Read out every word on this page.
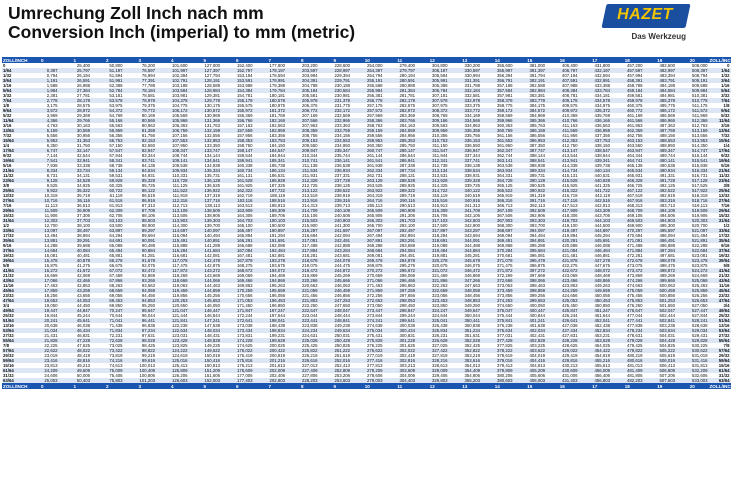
Umrechung Zoll Inch nach mm
Conversion Inch (imperial) to mm (metric)
HAZET
Das Werkzeug
ZOLL/INCH	0	1	2	3	4	5	6	7	8	9	10	11	12	13	14	15	16	17	18	19	20	ZOLL/INCH
0		25,400	50,800	76,200	101,600	127,000	152,400	177,800	203,200	228,600	254,000	279,400	304,800	330,200	355,600	381,000	406,400	431,800	457,200	482,600	508,000	0
1/64	0,397	25,797	51,197	76,597	101,997	127,397	152,797	178,197	203,597	228,997	254,397	279,797	305,197	330,597	355,997	381,397	406,797	432,197	457,597	482,997	508,397	1/64
1/32	0,794	26,194	51,594	76,994	102,394	127,794	153,194	178,594	203,994	229,394	254,794	280,194	305,594	330,994	356,394	381,794	407,194	432,594	457,994	483,394	508,794	1/32
3/64	1,191	26,591	51,991	77,391	102,791	128,191	153,591	178,991	204,391	229,791	255,191	280,591	305,991	331,391	356,791	382,191	407,591	432,991	458,391	483,791	509,191	3/64
1/16	1,588	26,988	52,388	77,788	103,188	128,588	153,988	179,388	204,788	230,188	255,588	280,988	306,388	331,788	357,188	382,588	407,988	433,388	458,788	484,188	509,588	1/16
5/64	1,984	27,384	52,784	78,184	103,584	128,984	154,384	179,784	205,184	230,584	255,984	281,384	306,784	332,184	357,584	382,984	408,384	433,784	459,184	484,584	509,984	5/64
3/32	2,381	27,781	53,181	78,581	103,981	129,381	154,781	180,181	205,581	230,981	256,381	281,781	307,181	332,581	357,981	383,381	408,781	434,181	459,581	484,981	510,381	3/32
7/64	2,778	28,178	53,578	78,978	104,378	129,778	155,178	180,578	205,978	231,378	256,778	282,178	307,578	332,978	358,378	383,778	409,178	434,578	459,978	485,378	510,778	7/64
1/8	3,175	28,575	53,975	79,375	104,775	130,175	155,575	180,975	206,375	231,775	257,175	282,575	307,975	333,375	358,775	384,175	409,575	434,975	460,375	485,775	511,175	1/8
9/64	3,572	28,972	54,372	79,772	105,172	130,572	155,972	181,372	206,772	232,172	257,572	282,972	308,372	333,772	359,172	384,572	409,972	435,372	460,772	486,172	511,572	9/64
5/32	3,969	29,369	54,769	80,169	105,569	130,969	156,369	181,769	207,169	232,569	257,969	283,369	308,769	334,169	359,569	384,969	410,369	435,769	461,169	486,569	511,969	5/32
11/64	4,366	29,766	55,166	80,566	105,966	131,366	156,766	182,166	207,566	232,966	258,366	283,766	309,166	334,566	359,966	385,366	410,766	436,166	461,566	486,966	512,366	11/64
3/16	4,763	30,163	55,563	80,963	106,363	131,763	157,163	182,563	207,963	233,363	258,763	284,163	309,563	334,963	360,363	385,763	411,163	436,563	461,963	487,363	512,763	3/16
13/64	5,159	30,559	55,959	81,359	106,759	132,159	157,559	182,959	208,359	233,759	259,159	284,559	309,959	335,359	360,759	386,159	411,559	436,959	462,359	487,759	513,159	13/64
7/32	5,556	30,956	56,356	81,756	107,156	132,556	157,956	183,356	208,756	234,156	259,556	284,956	310,356	335,756	361,156	386,556	411,956	437,356	462,756	488,156	513,556	7/32
15/64	5,953	31,353	56,753	82,153	107,553	132,953	158,353	183,753	209,153	234,553	259,953	285,353	310,753	336,153	361,553	386,953	412,353	437,753	463,153	488,553	513,953	15/64
1/4	6,350	31,750	57,150	82,550	107,950	133,350	158,750	184,150	209,550	234,950	260,350	285,750	311,150	336,550	361,950	387,350	412,750	438,150	463,550	488,950	514,350	1/4
17/64	6,747	32,147	57,547	82,947	108,347	133,747	159,147	184,547	209,947	235,347	260,747	286,147	311,547	336,947	362,347	387,747	413,147	438,547	463,947	489,347	514,747	17/64
9/32	7,144	32,544	57,944	83,344	108,744	134,144	159,544	184,944	210,344	235,744	261,144	286,544	311,944	337,344	362,744	388,144	413,544	438,944	464,344	489,744	515,144	9/32
19/64	7,541	32,941	58,341	83,741	109,141	134,541	159,941	185,341	210,741	236,141	261,541	286,941	312,341	337,741	363,141	388,541	413,941	439,341	464,741	490,141	515,541	19/64
5/16	7,938	33,338	58,738	84,138	109,538	134,938	160,338	185,738	211,138	236,538	261,938	287,338	312,738	338,138	363,538	388,938	414,338	439,738	465,138	490,538	515,938	5/16
21/64	8,334	33,734	59,134	84,534	109,934	135,334	160,734	186,134	211,534	236,934	262,334	287,734	313,134	338,534	363,934	389,334	414,734	440,134	465,534	490,934	516,334	21/64
11/32	8,731	34,131	59,531	84,931	110,331	135,731	161,131	186,531	211,931	237,331	262,731	288,131	313,531	338,931	364,331	389,731	415,131	440,531	465,931	491,331	516,731	11/32
23/64	9,128	34,528	59,928	85,328	110,728	136,128	161,528	186,928	212,328	237,728	263,128	288,528	313,928	339,328	364,728	390,128	415,528	440,928	466,328	491,728	517,128	23/64
3/8	9,525	34,925	60,325	85,725	111,125	136,525	161,925	187,325	212,725	238,125	263,525	288,925	314,325	339,725	365,125	390,525	415,925	441,325	466,725	492,125	517,525	3/8
25/64	9,922	35,322	60,722	86,122	111,522	136,922	162,322	187,722	213,122	238,522	263,922	289,322	314,722	340,122	365,522	390,922	416,322	441,722	467,122	492,522	517,922	25/64
13/32	10,319	35,719	61,119	86,519	111,919	137,319	162,719	188,119	213,519	238,919	264,319	289,719	315,119	340,519	365,919	391,319	416,719	442,119	467,519	492,919	518,319	13/32
27/64	10,716	36,116	61,516	86,916	112,316	137,716	163,116	188,516	213,916	239,316	264,716	290,116	315,516	340,916	366,316	391,716	417,116	442,516	467,916	493,316	518,716	27/64
7/16	11,113	36,513	61,913	87,313	112,713	138,113	163,513	188,913	214,313	239,713	265,113	290,513	315,913	341,313	366,713	392,113	417,513	442,913	468,313	493,713	519,113	7/16
29/64	11,509	36,909	62,309	87,709	113,109	138,509	163,909	189,309	214,709	240,109	265,509	290,909	316,309	341,709	367,109	392,509	417,909	443,309	468,709	494,109	519,509	29/64
15/32	11,906	37,306	62,706	88,106	113,506	138,906	164,306	189,706	215,106	240,506	265,906	291,306	316,706	342,106	367,506	392,906	418,306	443,706	469,106	494,506	519,906	15/32
31/64	12,303	37,703	63,103	88,503	113,903	139,303	164,703	190,103	215,503	240,903	266,303	291,703	317,103	342,503	367,903	393,303	418,703	444,103	469,503	494,903	520,303	31/64
1/2	12,700	38,100	63,500	88,900	114,300	139,700	165,100	190,500	215,900	241,300	266,700	292,100	317,500	342,900	368,300	393,700	419,100	444,500	469,900	495,300	520,700	1/2
33/64	13,097	38,497	63,897	89,297	114,697	140,097	165,497	190,897	216,297	241,697	267,097	292,497	317,897	343,297	368,697	394,097	419,497	444,897	470,297	495,697	521,097	33/64
17/32	13,494	38,894	64,294	89,694	115,094	140,494	165,894	191,294	216,694	242,094	267,494	292,894	318,294	343,694	369,094	394,494	419,894	445,294	470,694	496,094	521,494	17/32
35/64	13,891	39,291	64,691	90,091	115,491	140,891	166,291	191,691	217,091	242,491	267,891	293,291	318,691	344,091	369,491	394,891	420,291	445,691	471,091	496,491	521,891	35/64
9/16	14,288	39,688	65,088	90,488	115,888	141,288	166,688	192,088	217,488	242,888	268,288	293,688	319,088	344,488	369,888	395,288	420,688	446,088	471,488	496,888	522,288	9/16
37/64	14,684	40,084	65,484	90,884	116,284	141,684	167,084	192,484	217,884	243,284	268,684	294,084	319,484	344,884	370,284	395,684	421,084	446,484	471,884	497,284	522,684	37/64
19/32	15,081	40,481	65,881	91,281	116,681	142,081	167,481	192,881	218,281	243,681	269,081	294,481	319,881	345,281	370,681	396,081	421,481	446,881	472,281	497,681	523,081	19/32
39/64	15,478	40,878	66,278	91,678	117,078	142,478	167,878	193,278	218,678	244,078	269,478	294,878	320,278	345,678	371,078	396,478	421,878	447,278	472,678	498,078	523,478	39/64
5/8	15,875	41,275	66,675	92,075	117,475	142,875	168,275	193,675	219,075	244,475	269,875	295,275	320,675	346,075	371,475	396,875	422,275	447,675	473,075	498,475	523,875	5/8
41/64	16,272	41,672	67,072	92,472	117,872	143,272	168,672	194,072	219,472	244,872	270,272	295,672	321,072	346,472	371,872	397,272	422,672	448,072	473,472	498,872	524,272	41/64
21/32	16,669	42,069	67,469	92,869	118,269	143,669	169,069	194,469	219,869	245,269	270,669	296,069	321,469	346,869	372,269	397,669	423,069	448,469	473,869	499,269	524,669	21/32
43/64	17,066	42,466	67,866	93,266	118,666	144,066	169,466	194,866	220,266	245,666	271,066	296,466	321,866	347,266	372,666	398,066	423,466	448,866	474,266	499,666	525,066	43/64
11/16	17,463	42,863	68,263	93,663	119,063	144,463	169,863	195,263	220,663	246,063	271,463	296,863	322,263	347,663	373,063	398,463	423,863	449,263	474,663	500,063	525,463	11/16
45/64	17,859	43,259	68,659	94,059	119,459	144,859	170,259	195,659	221,059	246,459	271,859	297,259	322,659	348,059	373,459	398,859	424,259	449,659	475,059	500,459	525,859	45/64
23/32	18,256	43,656	69,056	94,456	119,856	145,256	170,656	196,056	221,456	246,856	272,256	297,656	323,056	348,456	373,856	399,256	424,656	450,056	475,456	500,856	526,256	23/32
47/64	18,653	44,053	69,453	94,853	120,253	145,653	171,053	196,453	221,853	247,253	272,653	298,053	323,453	348,853	374,253	399,653	425,053	450,453	475,853	501,253	526,653	47/64
3/4	19,050	44,450	69,850	95,250	120,650	146,050	171,450	196,850	222,250	247,650	273,050	298,450	323,850	349,250	374,650	400,050	425,450	450,850	476,250	501,650	527,050	3/4
49/64	19,447	44,847	70,247	95,647	121,047	146,447	171,847	197,247	222,647	248,047	273,447	298,847	324,247	349,647	375,047	400,447	425,847	451,247	476,647	502,047	527,447	49/64
25/32	19,844	45,244	70,644	96,044	121,444	146,844	172,244	197,644	223,044	248,444	273,844	299,244	324,644	350,044	375,444	400,844	426,244	451,644	477,044	502,444	527,844	25/32
51/64	20,241	45,641	71,041	96,441	121,841	147,241	172,641	198,041	223,441	248,841	274,241	299,641	325,041	350,441	375,841	401,241	426,641	452,041	477,441	502,841	528,241	51/64
13/16	20,638	46,038	71,438	96,838	122,238	147,638	173,038	198,438	223,838	249,238	274,638	300,038	325,438	350,838	376,238	401,638	427,038	452,438	477,838	503,238	528,638	13/16
53/64	21,034	46,434	71,834	97,234	122,634	148,034	173,434	198,834	224,234	249,634	275,034	300,434	325,834	351,234	376,634	402,034	427,434	452,834	478,234	503,634	529,034	53/64
27/32	21,431	46,831	72,231	97,631	123,031	148,431	173,831	199,231	224,631	250,031	275,431	300,831	326,231	351,631	377,031	402,431	427,831	453,231	478,631	504,031	529,431	27/32
55/64	21,828	47,228	72,628	98,028	123,428	148,828	174,228	199,628	225,028	250,428	275,828	301,228	326,628	352,028	377,428	402,828	428,228	453,628	479,028	504,428	529,828	55/64
7/8	22,225	47,625	73,025	98,425	123,825	149,225	174,625	200,025	225,425	250,825	276,225	301,625	327,025	352,425	377,825	403,225	428,625	454,025	479,425	504,825	530,225	7/8
57/64	22,622	48,022	73,422	98,822	124,222	149,622	175,022	200,422	225,822	251,222	276,622	302,022	327,422	352,822	378,222	403,622	429,022	454,422	479,822	505,222	530,622	57/64
29/32	23,019	48,419	73,819	99,219	124,619	150,019	175,419	200,819	226,219	251,619	277,019	302,419	327,819	353,219	378,619	404,019	429,419	454,819	480,219	505,619	531,019	29/32
59/64	23,416	48,816	74,216	99,616	125,016	150,416	175,816	201,216	226,616	252,016	277,416	302,816	328,216	353,616	379,016	404,416	429,816	455,216	480,616	506,016	531,416	59/64
15/16	23,813	49,213	74,613	100,013	125,413	150,813	176,213	201,613	227,013	252,413	277,813	303,213	328,613	354,013	379,413	404,813	430,213	455,613	481,013	506,413	531,813	15/16
61/64	24,209	49,609	75,009	100,409	125,809	151,209	176,609	202,009	227,409	252,809	278,209	303,609	329,009	354,409	379,809	405,209	430,609	456,009	481,409	506,809	532,209	61/64
31/32	24,606	50,006	75,406	100,806	126,206	151,606	177,006	202,406	227,806	253,206	278,606	304,006	329,406	354,806	380,206	405,606	431,006	456,406	481,806	507,206	532,606	31/32
63/64	25,003	50,403	75,803	101,203	126,603	152,003	177,403	202,803	228,203	253,603	279,003	304,403	329,803	355,203	380,603	406,003	431,403	456,803	482,203	507,603	533,003	63/64
ZOLL/INCH	0	1	2	3	4	5	6	7	8	9	10	11	12	13	14	15	16	17	18	19	20	ZOLL/INCH
